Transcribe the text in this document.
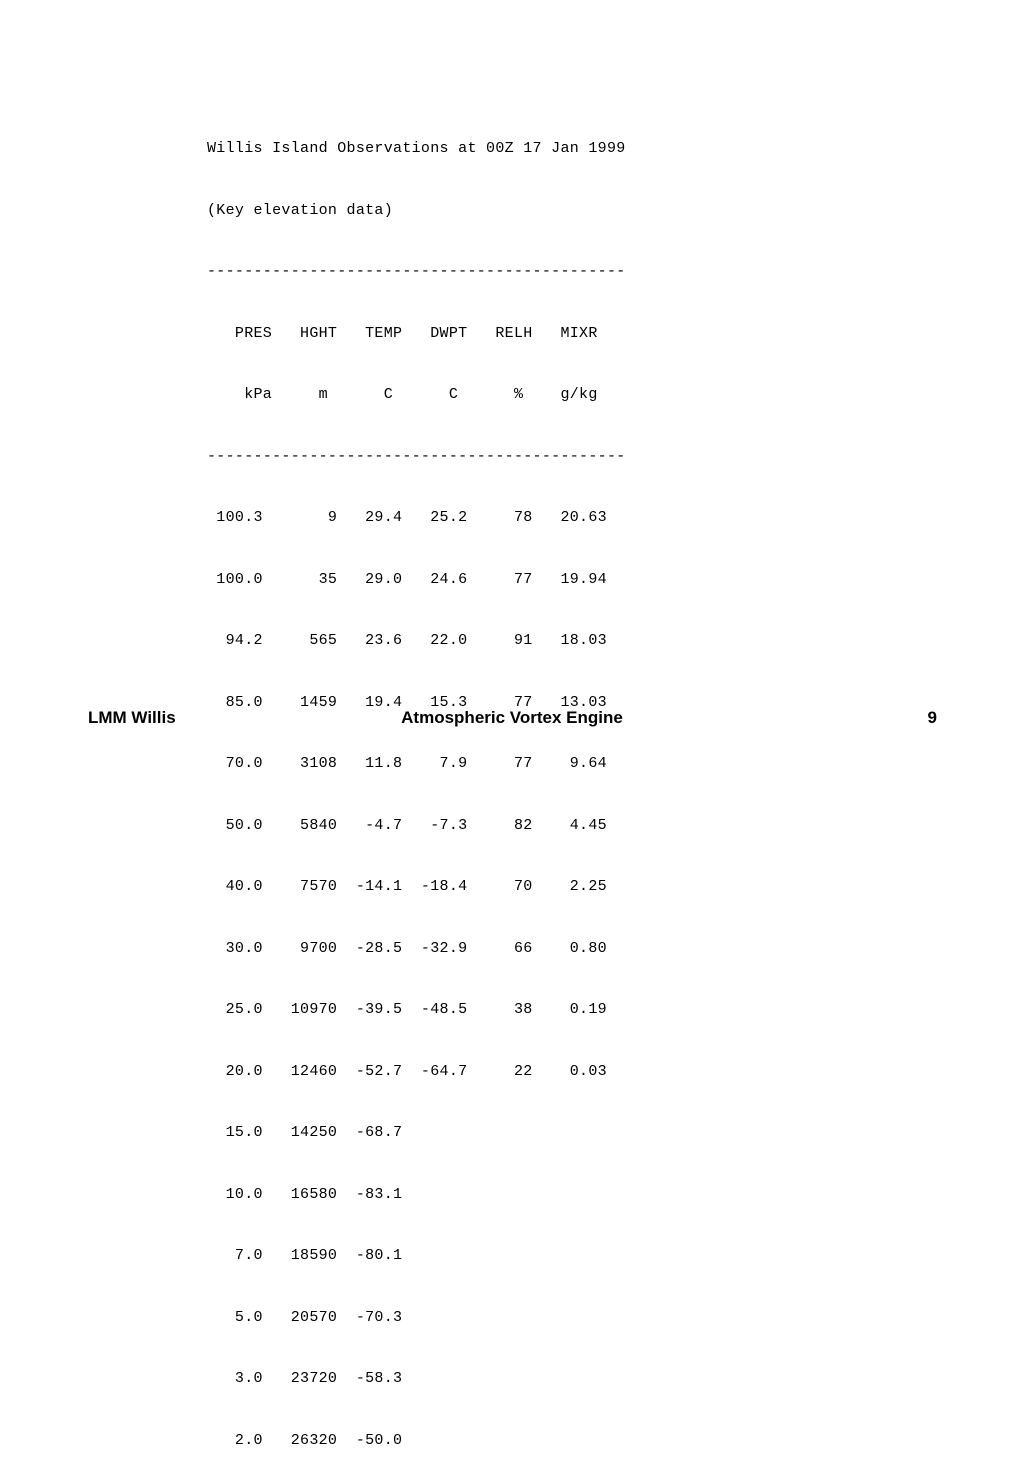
Willis Island Observations at 00Z 17 Jan 1999

(Key elevation data)

---------------------------------------------

PRES   HGHT   TEMP   DWPT   RELH   MIXR

kPa     m      C      C      %    g/kg

---------------------------------------------

100.3       9   29.4   25.2     78   20.63

100.0      35   29.0   24.6     77   19.94

94.2     565   23.6   22.0     91   18.03

85.0    1459   19.4   15.3     77   13.03

70.0    3108   11.8    7.9     77    9.64

50.0    5840   -4.7   -7.3     82    4.45

40.0    7570  -14.1  -18.4     70    2.25

30.0    9700  -28.5  -32.9     66    0.80

25.0   10970  -39.5  -48.5     38    0.19

20.0   12460  -52.7  -64.7     22    0.03

15.0   14250  -68.7

10.0   16580  -83.1

7.0   18590  -80.1

5.0   20570  -70.3

3.0   23720  -58.3

2.0   26320  -50.0

LMM Willis	Atmospheric Vortex Engine	9
